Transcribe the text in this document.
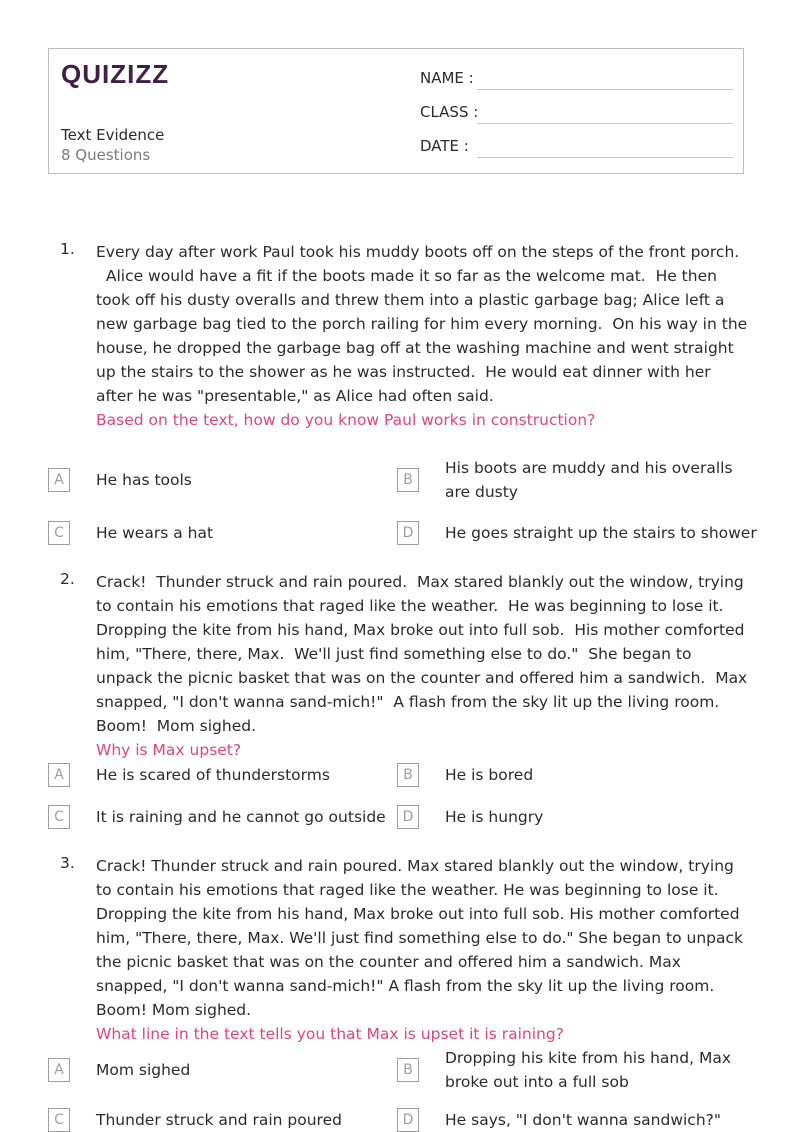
QUIZIZZ
Text Evidence
8 Questions
NAME :
CLASS :
DATE :
1. Every day after work Paul took his muddy boots off on the steps of the front porch.
Alice would have a fit if the boots made it so far as the welcome mat.  He then took off his dusty overalls and threw them into a plastic garbage bag; Alice left a new garbage bag tied to the porch railing for him every morning.  On his way in the house, he dropped the garbage bag off at the washing machine and went straight up the stairs to the shower as he was instructed.  He would eat dinner with her after he was "presentable," as Alice had often said.
Based on the text, how do you know Paul works in construction?

A	He has tools	B
His boots are muddy and his overalls are dusty
C	He wears a hat	D	He goes straight up the stairs to shower
2. Crack!  Thunder struck and rain poured.  Max stared blankly out the window, trying to contain his emotions that raged like the weather.  He was beginning to lose it.  Dropping the kite from his hand, Max broke out into full sob.  His mother comforted him, "There, there, Max.  We'll just find something else to do."  She began to unpack the picnic basket that was on the counter and offered him a sandwich.  Max snapped, "I don't wanna sand-mich!"  A flash from the sky lit up the living room.  Boom!  Mom sighed.
Why is Max upset?

A	He is scared of thunderstorms	B	He is bored
C	It is raining and he cannot go outside	D	He is hungry
3. Crack! Thunder struck and rain poured. Max stared blankly out the window, trying to contain his emotions that raged like the weather. He was beginning to lose it. Dropping the kite from his hand, Max broke out into full sob. His mother comforted him, "There, there, Max. We'll just find something else to do." She began to unpack the picnic basket that was on the counter and offered him a sandwich. Max snapped, "I don't wanna sand-mich!" A flash from the sky lit up the living room. Boom! Mom sighed.
What line in the text tells you that Max is upset it is raining?

A	Mom sighed	B
Dropping his kite from his hand, Max broke out into a full sob
C	Thunder struck and rain poured	D	He says, "I don't wanna sandwich?"
